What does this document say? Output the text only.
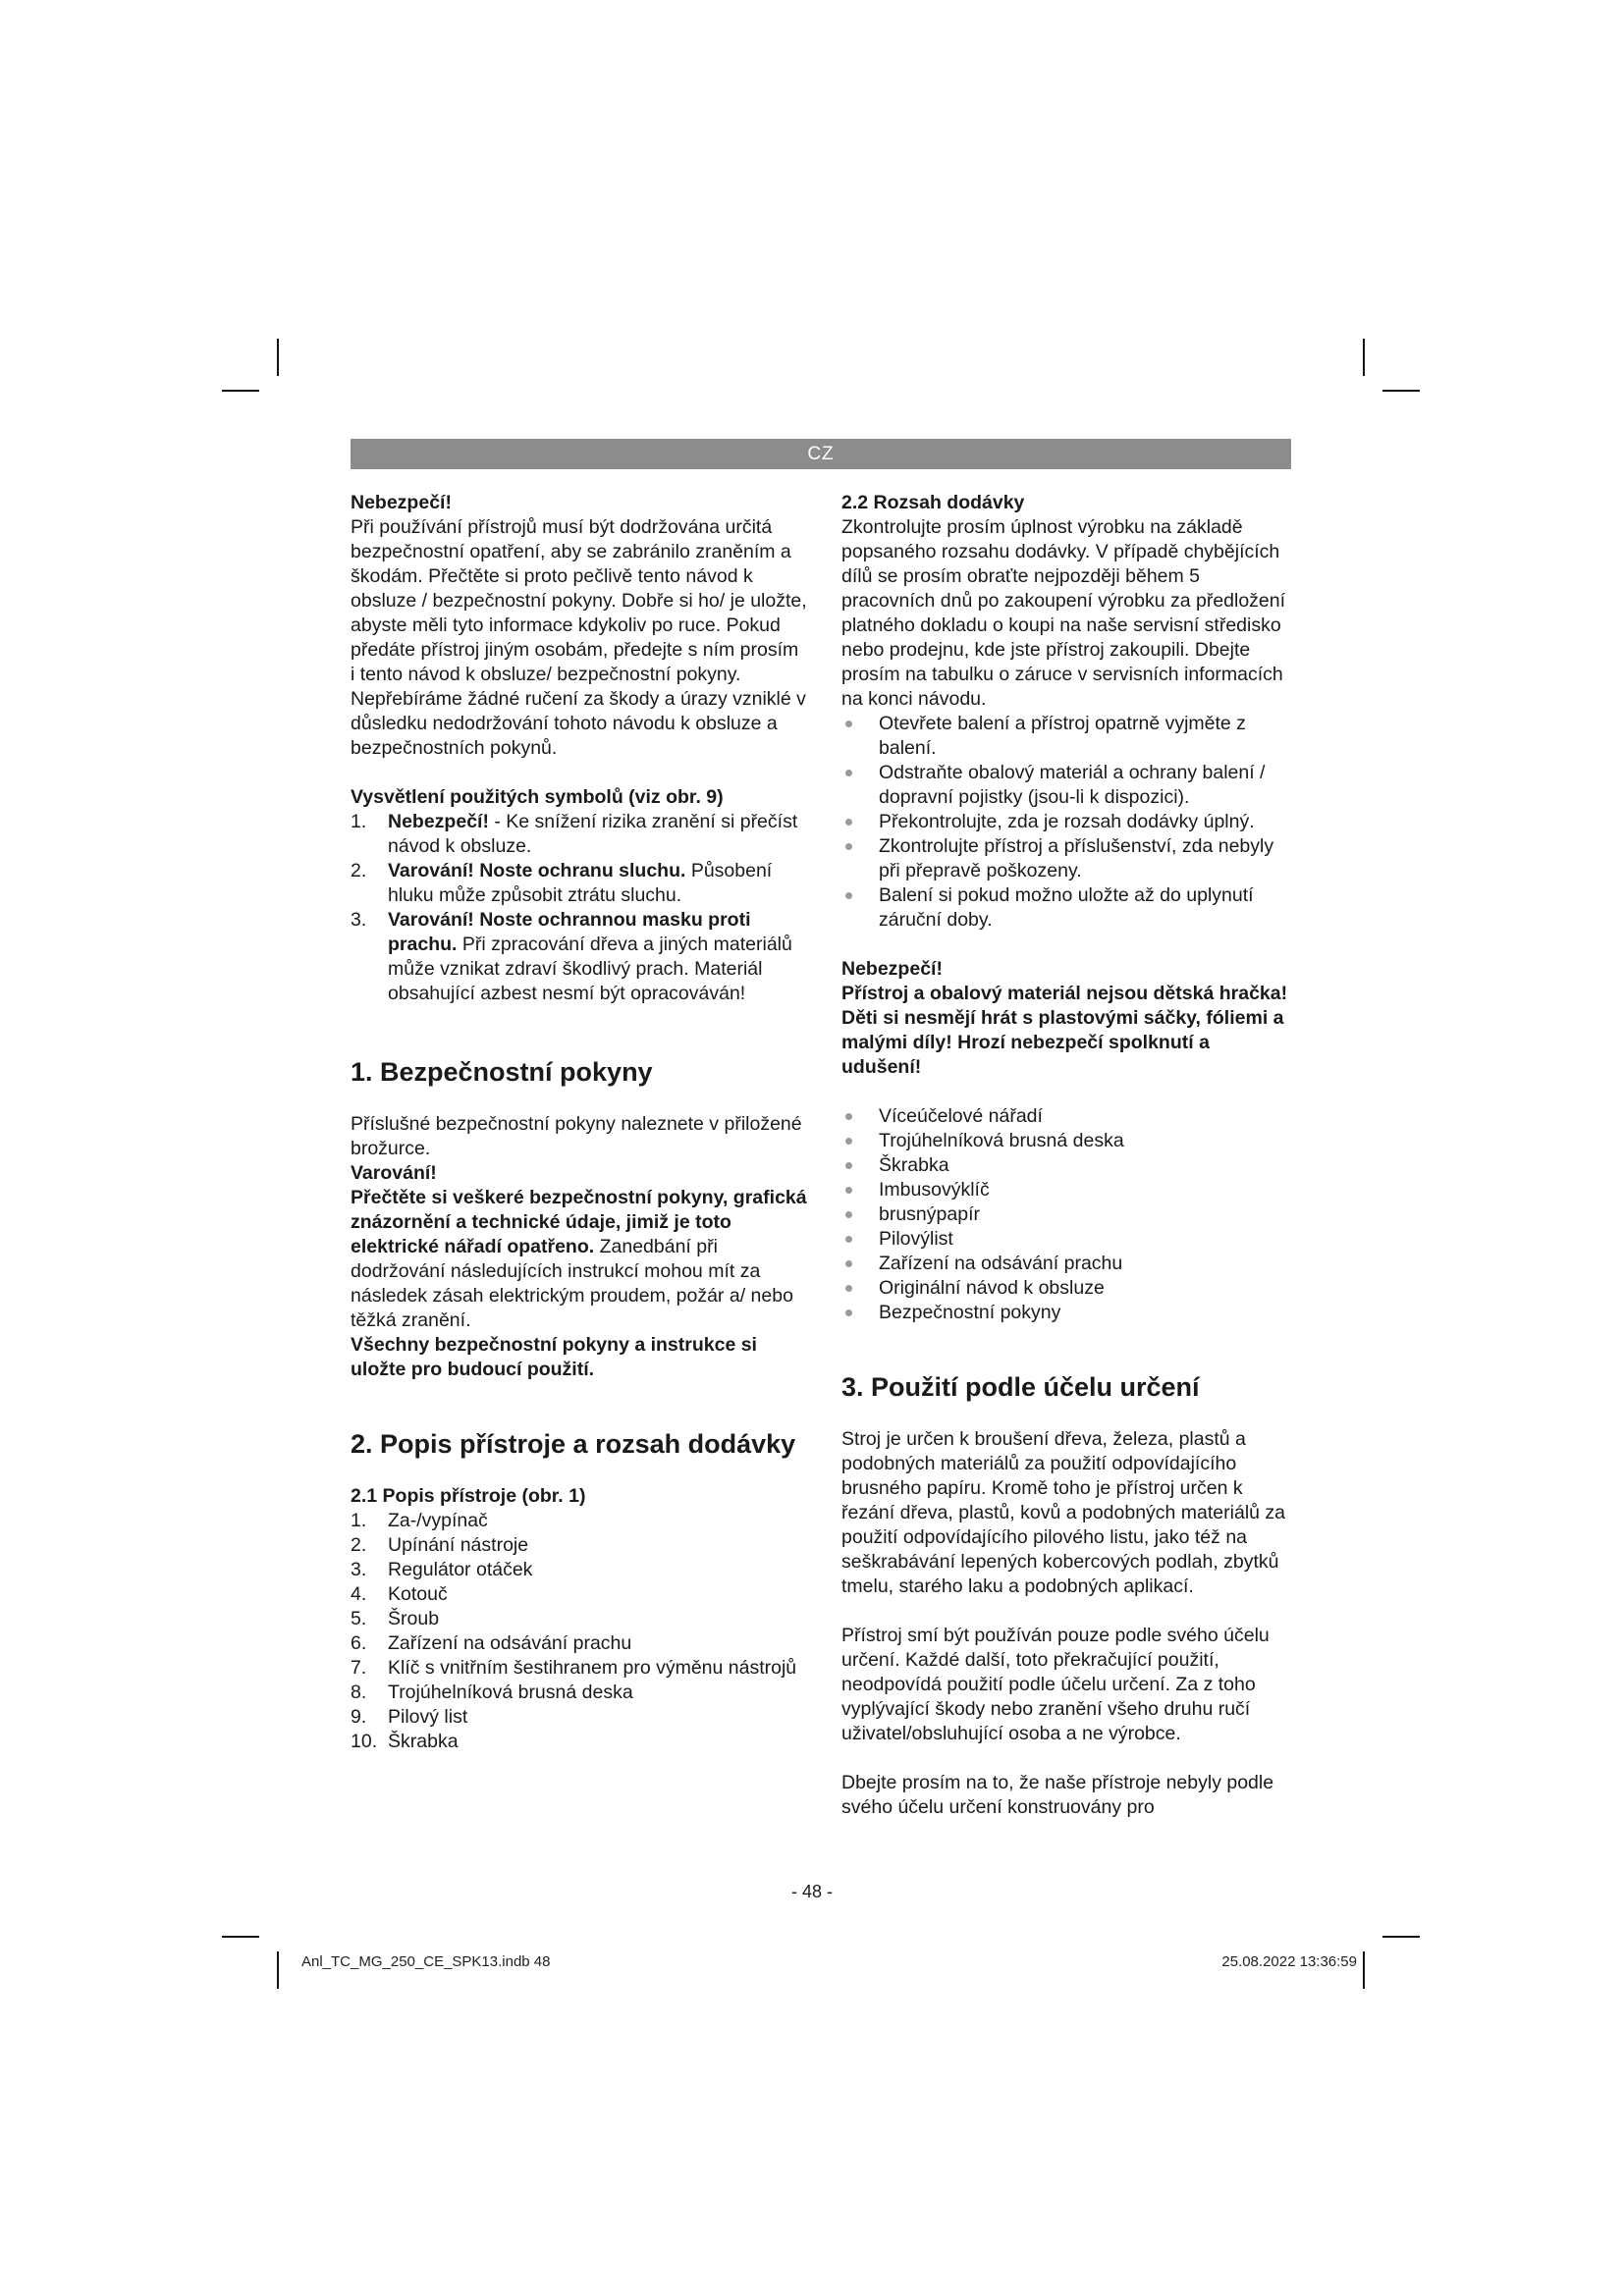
CZ

Nebezpečí!

Při používání přístrojů musí být dodržována určitá bezpečnostní opatření, aby se zabránilo zraněním a škodám. Přečtěte si proto pečlivě tento návod k obsluze / bezpečnostní pokyny. Dobře si ho/ je uložte, abyste měli tyto informace kdykoliv po ruce. Pokud předáte přístroj jiným osobám, předejte s ním prosím i tento návod k obsluze/ bezpečnostní pokyny. Nepřebíráme žádné ručení za škody a úrazy vzniklé v důsledku nedodržování tohoto návodu k obsluze a bezpečnostních pokynů.

Vysvětlení použitých symbolů (viz obr. 9)

1. Nebezpečí! - Ke snížení rizika zranění si přečíst návod k obsluze.
2. Varování! Noste ochranu sluchu. Působení hluku může způsobit ztrátu sluchu.
3. Varování! Noste ochrannou masku proti prachu. Při zpracování dřeva a jiných materiálů může vznikat zdraví škodlivý prach. Materiál obsahující azbest nesmí být opracováván!
1. Bezpečnostní pokyny

Příslušné bezpečnostní pokyny naleznete v přiložené brožurce.

Varování!

Přečtěte si veškeré bezpečnostní pokyny, grafická znázornění a technické údaje, jimiž je toto elektrické nářadí opatřeno. Zanedbání při dodržování následujících instrukcí mohou mít za následek zásah elektrickým proudem, požár a/ nebo těžká zranění.

Všechny bezpečnostní pokyny a instrukce si uložte pro budoucí použití.

2. Popis přístroje a rozsah dodávky

2.1 Popis přístroje (obr. 1)

1. Za-/vypínač
2. Upínání nástroje
3. Regulátor otáček
4. Kotouč
5. Šroub
6. Zařízení na odsávání prachu
7. Klíč s vnitřním šestihranem pro výměnu nástrojů
8. Trojúhelníková brusná deska
9. Pilový list
10. Škrabka

2.2 Rozsah dodávky

Zkontrolujte prosím úplnost výrobku na základě popsaného rozsahu dodávky. V případě chybějících dílů se prosím obraťte nejpozději během 5 pracovních dnů po zakoupení výrobku za předložení platného dokladu o koupi na naše servisní středisko nebo prodejnu, kde jste přístroj zakoupili. Dbejte prosím na tabulku o záruce v servisních informacích na konci návodu.

Otevřete balení a přístroj opatrně vyjměte z balení.
Odstraňte obalový materiál a ochrany balení / dopravní pojistky (jsou-li k dispozici).
Překontrolujte, zda je rozsah dodávky úplný.
Zkontrolujte přístroj a příslušenství, zda nebyly při přepravě poškozeny.
Balení si pokud možno uložte až do uplynutí záruční doby.

Nebezpečí!

Přístroj a obalový materiál nejsou dětská hračka! Děti si nesmějí hrát s plastovými sáčky, fóliemi a malými díly! Hrozí nebezpečí spolknutí a udušení!

Víceúčelové nářadí
Trojúhelníková brusná deska
Škrabka
Imbusovýklíč
brusnýpapír
Pilovýlist
Zařízení na odsávání prachu
Originální návod k obsluze
Bezpečnostní pokyny
3. Použití podle účelu určení

Stroj je určen k broušení dřeva, železa, plastů a podobných materiálů za použití odpovídajícího brusného papíru. Kromě toho je přístroj určen k řezání dřeva, plastů, kovů a podobných materiálů za použití odpovídajícího pilového listu, jako též na seškrabávání lepených kobercových podlah, zbytků tmelu, starého laku a podobných aplikací.

Přístroj smí být používán pouze podle svého účelu určení. Každé další, toto překračující použití, neodpovídá použití podle účelu určení. Za z toho vyplývající škody nebo zranění všeho druhu ručí uživatel/obsluhující osoba a ne výrobce.

Dbejte prosím na to, že naše přístroje nebyly podle svého účelu určení konstruovány pro

- 48 -
Anl_TC_MG_250_CE_SPK13.indb 48	25.08.2022 13:36:59
